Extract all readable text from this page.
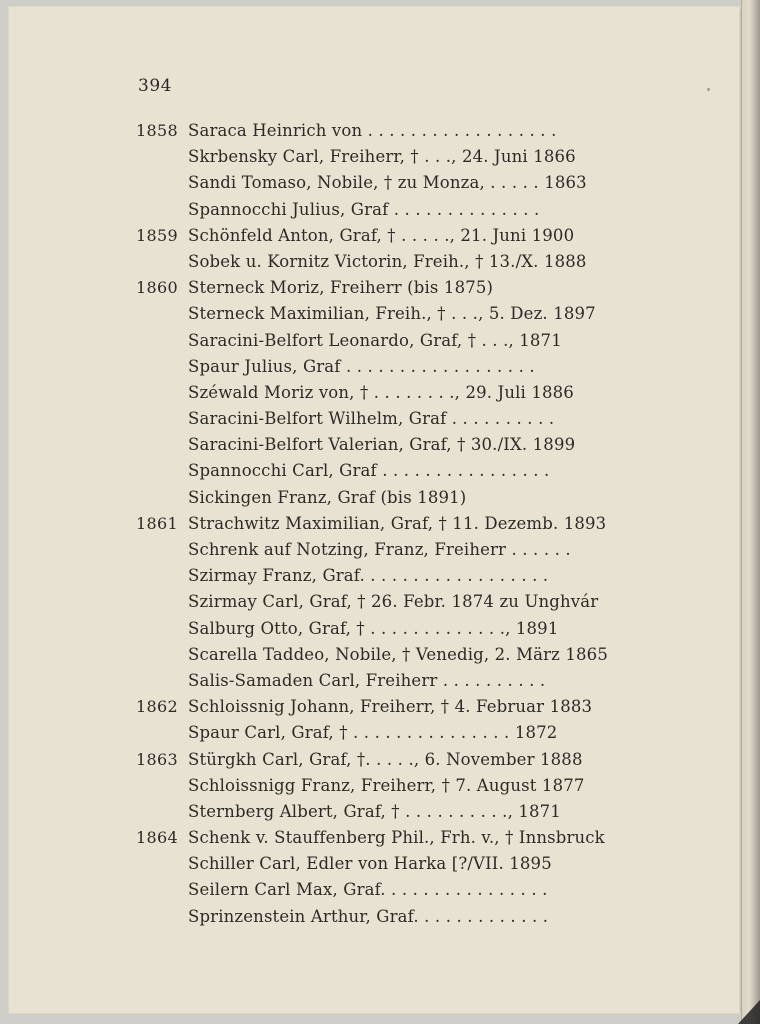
394
1858 Saraca Heinrich von . . . . . . . . . . . . . . . . . .
Skrbensky Carl, Freiherr, † . . ., 24. Juni 1866
Sandi Tomaso, Nobile, † zu Monza, . . . . . 1863
Spannocchi Julius, Graf . . . . . . . . . . . . . .
1859 Schönfeld Anton, Graf, † . . . . ., 21. Juni 1900
Sobek u. Kornitz Victorin, Freih., † 13./X. 1888
1860 Sterneck Moriz, Freiherr (bis 1875)
Sterneck Maximilian, Freih., † . . ., 5. Dez. 1897
Saracini-Belfort Leonardo, Graf, † . . ., 1871
Spaur Julius, Graf . . . . . . . . . . . . . . . . . .
Széwald Moriz von, † . . . . . . . ., 29. Juli 1886
Saracini-Belfort Wilhelm, Graf . . . . . . . . . .
Saracini-Belfort Valerian, Graf, † 30./IX. 1899
Spannocchi Carl, Graf . . . . . . . . . . . . . . . .
Sickingen Franz, Graf (bis 1891)
1861 Strachwitz Maximilian, Graf, † 11. Dezemb. 1893
Schrenk auf Notzing, Franz, Freiherr . . . . . .
Szirmay Franz, Graf. . . . . . . . . . . . . . . . . .
Szirmay Carl, Graf, † 26. Febr. 1874 zu Unghvár
Salburg Otto, Graf, † . . . . . . . . . . . . ., 1891
Scarella Taddeo, Nobile, † Venedig, 2. März 1865
Salis-Samaden Carl, Freiherr . . . . . . . . . .
1862 Schloissnig Johann, Freiherr, † 4. Februar 1883
Spaur Carl, Graf, † . . . . . . . . . . . . . . . 1872
1863 Stürgkh Carl, Graf, †. . . . ., 6. November 1888
Schloissnigg Franz, Freiherr, † 7. August 1877
Sternberg Albert, Graf, † . . . . . . . . . ., 1871
1864 Schenk v. Stauffenberg Phil., Frh. v., † Innsbruck
Schiller Carl, Edler von Harka [?/VII. 1895
Seilern Carl Max, Graf. . . . . . . . . . . . . . . .
Sprinzenstein Arthur, Graf. . . . . . . . . . . . .
